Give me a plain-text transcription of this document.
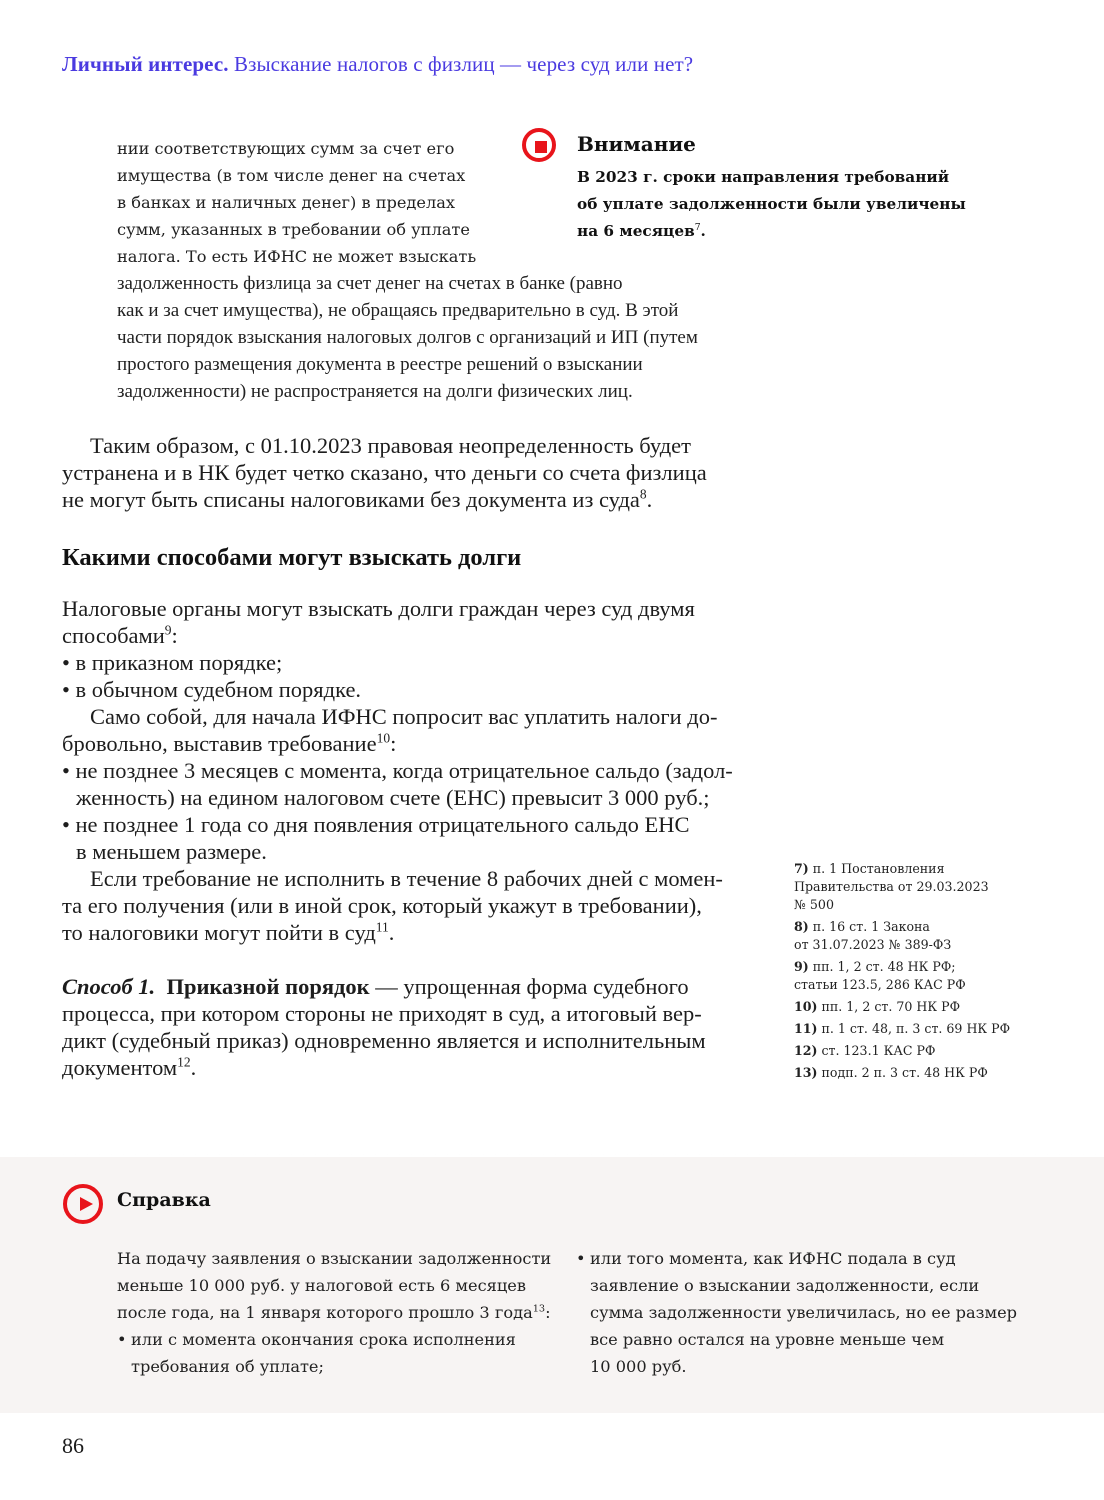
Личный интерес. Взыскание налогов с физлиц — через суд или нет?
нии соответствующих сумм за счет его
имущества (в том числе денег на счетах
в банках и наличных денег) в пределах
сумм, указанных в требовании об уплате
налога. То есть ИФНС не может взыскать
задолженность физлица за счет денег на счетах в банке (равно
как и за счет имущества), не обращаясь предварительно в суд. В этой
части порядок взыскания налоговых долгов с организаций и ИП (путем
простого размещения документа в реестре решений о взыскании
задолженности) не распространяется на долги физических лиц.
Внимание
В 2023 г. сроки направления требований
об уплате задолженности были увеличены
на 6 месяцев$^7$.
Таким образом, с 01.10.2023 правовая неопределенность будет
устранена и в НК будет четко сказано, что деньги со счета физлица
не могут быть списаны налоговиками без документа из суда$^8$.
Какими способами могут взыскать долги
Налоговые органы могут взыскать долги граждан через суд двумя
способами$^9$:
• в приказном порядке;
• в обычном судебном порядке.
Само собой, для начала ИФНС попросит вас уплатить налоги до-
бровольно, выставив требование$^{10}$:
• не позднее 3 месяцев с момента, когда отрицательное сальдо (задол-
женность) на едином налоговом счете (ЕНС) превысит 3 000 руб.;
• не позднее 1 года со дня появления отрицательного сальдо ЕНС
в меньшем размере.
Если требование не исполнить в течение 8 рабочих дней с момен-
та его получения (или в иной срок, который укажут в требовании),
то налоговики могут пойти в суд$^{11}$.
Способ 1. Приказной порядок — упрощенная форма судебного
процесса, при котором стороны не приходят в суд, а итоговый вер-
дикт (судебный приказ) одновременно является и исполнительным
документом$^{12}$.
7) п. 1 Постановления
Правительства от 29.03.2023
№ 500
8) п. 16 ст. 1 Закона
от 31.07.2023 № 389-ФЗ
9) пп. 1, 2 ст. 48 НК РФ;
статьи 123.5, 286 КАС РФ
10) пп. 1, 2 ст. 70 НК РФ
11) п. 1 ст. 48, п. 3 ст. 69 НК РФ
12) ст. 123.1 КАС РФ
13) подп. 2 п. 3 ст. 48 НК РФ
Справка
На подачу заявления о взыскании задолженности
меньше 10 000 руб. у налоговой есть 6 месяцев
после года, на 1 января которого прошло 3 года$^{13}$:
• или с момента окончания срока исполнения
требования об уплате;
• или того момента, как ИФНС подала в суд
заявление о взыскании задолженности, если
сумма задолженности увеличилась, но ее размер
все равно остался на уровне меньше чем
10 000 руб.
86
